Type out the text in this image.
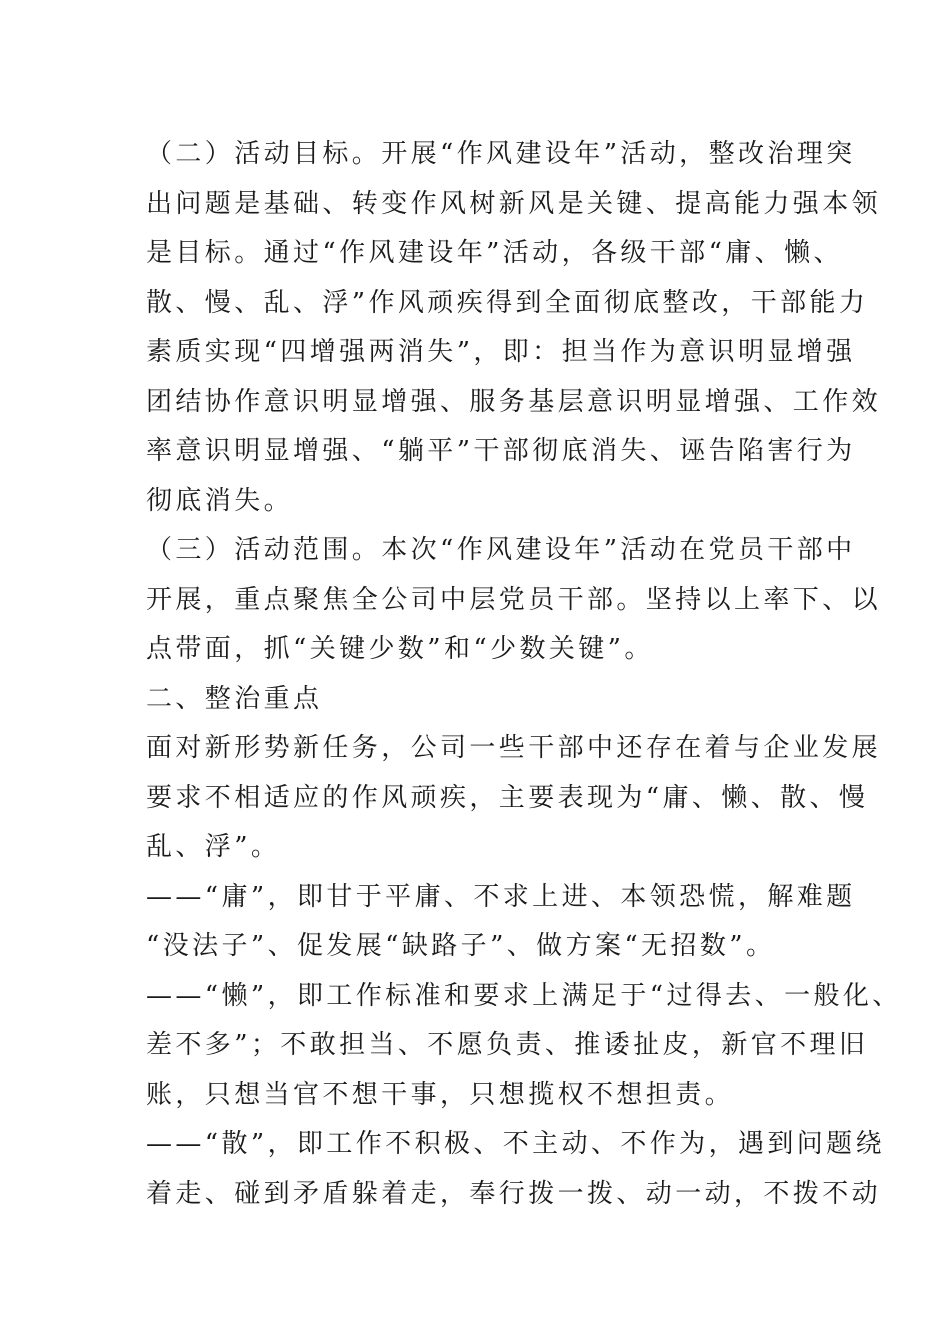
（二）活动目标。开展“作风建设年”活动，整改治理突
出问题是基础、转变作风树新风是关键、提高能力强本领
是目标。通过“作风建设年”活动，各级干部“庸、懒、
散、慢、乱、浮”作风顽疾得到全面彻底整改，干部能力
素质实现“四增强两消失”，即：担当作为意识明显增强
团结协作意识明显增强、服务基层意识明显增强、工作效
率意识明显增强、“躺平”干部彻底消失、诬告陷害行为
彻底消失。
（三）活动范围。本次“作风建设年”活动在党员干部中
开展，重点聚焦全公司中层党员干部。坚持以上率下、以
点带面，抓“关键少数”和“少数关键”。
二、整治重点
面对新形势新任务，公司一些干部中还存在着与企业发展
要求不相适应的作风顽疾，主要表现为“庸、懒、散、慢
乱、浮”。
——“庸”，即甘于平庸、不求上进、本领恐慌，解难题
“没法子”、促发展“缺路子”、做方案“无招数”。
——“懒”，即工作标准和要求上满足于“过得去、一般化、
差不多”；不敢担当、不愿负责、推诿扯皮，新官不理旧
账，只想当官不想干事，只想揽权不想担责。
——“散”，即工作不积极、不主动、不作为，遇到问题绕
着走、碰到矛盾躲着走，奉行拨一拨、动一动，不拨不动
